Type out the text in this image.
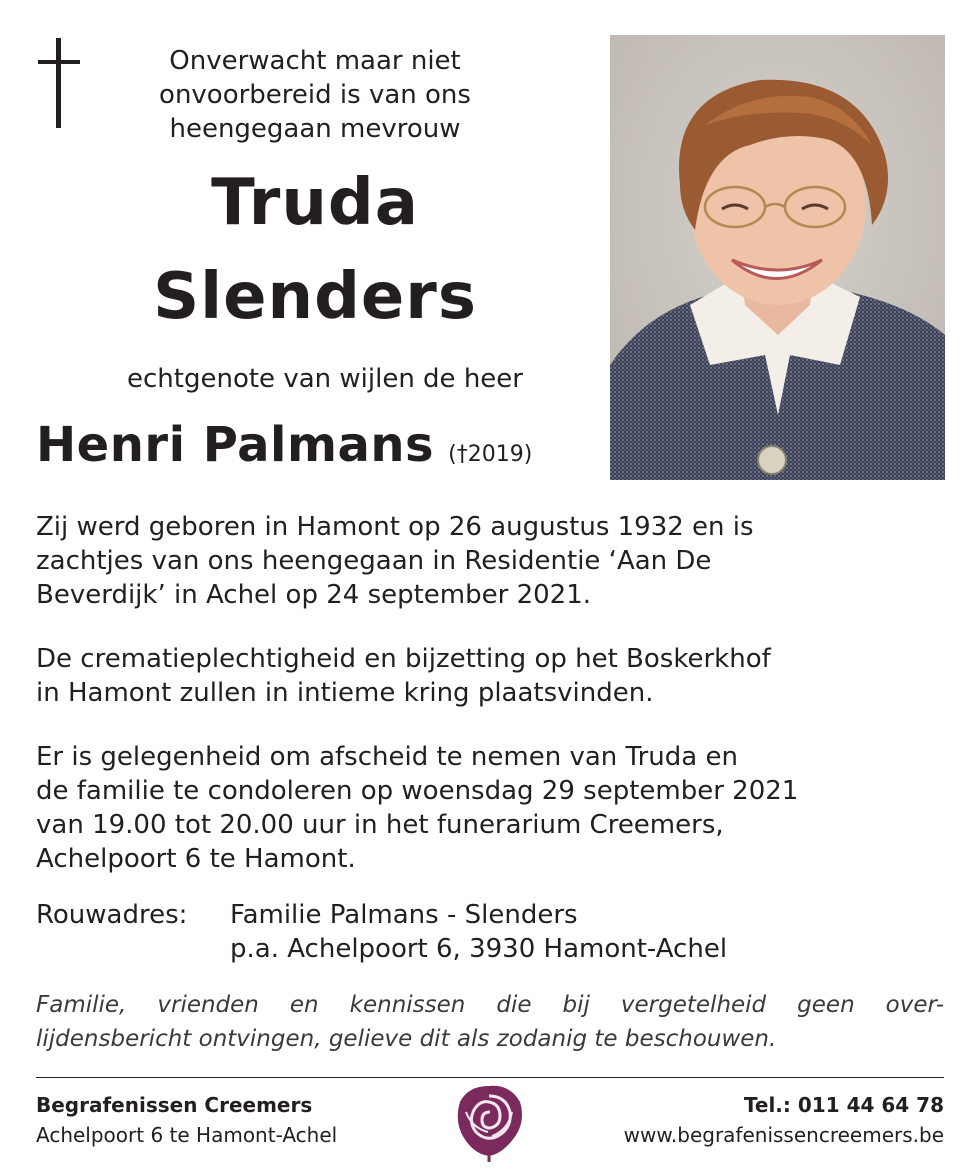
Onverwacht maar niet
onvoorbereid is van ons
heengegaan mevrouw
Truda
Slenders
echtgenote van wijlen de heer
Henri Palmans (†2019)
Zij werd geboren in Hamont op 26 augustus 1932 en is
zachtjes van ons heengegaan in Residentie ‘Aan De
Beverdijk’ in Achel op 24 september 2021.
De crematieplechtigheid en bijzetting op het Boskerkhof
in Hamont zullen in intieme kring plaatsvinden.
Er is gelegenheid om afscheid te nemen van Truda en
de familie te condoleren op woensdag 29 september 2021
van 19.00 tot 20.00 uur in het funerarium Creemers,
Achelpoort 6 te Hamont.
Rouwadres: Familie Palmans - Slenders
p.a. Achelpoort 6, 3930 Hamont-Achel
Familie, vrienden en kennissen die bij vergetelheid geen over-
lijdensbericht ontvingen, gelieve dit als zodanig te beschouwen.
Begrafenissen Creemers
Achelpoort 6 te Hamont-Achel
Tel.: 011 44 64 78
www.begrafenissencreemers.be
